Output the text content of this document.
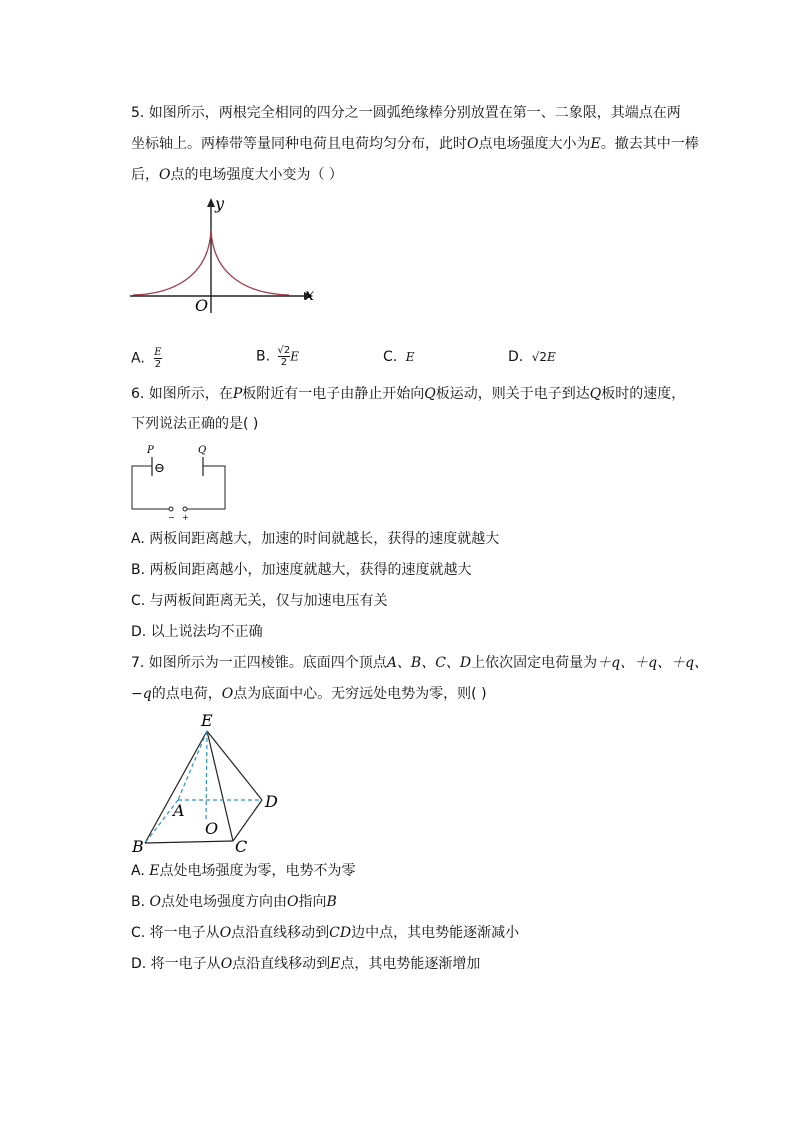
5. 如图所示，两根完全相同的四分之一圆弧绝缘棒分别放置在第一、二象限，其端点在两
坐标轴上。两棒带等量同种电荷且电荷均匀分布，此时O点电场强度大小为E。撤去其中一棒
后，O点的电场强度大小变为（ ）
y
x
O
A. $\frac{E}{2}$	B. $\frac{√2}{2}$ E	C. E	D. √2E
6. 如图所示，在P板附近有一电子由静止开始向Q板运动，则关于电子到达Q板时的速度，
下列说法正确的是( )
P	Q
⊖
− +
A. 两板间距离越大，加速的时间就越长，获得的速度就越大
B. 两板间距离越小，加速度就越大，获得的速度就越大
C. 与两板间距离无关，仅与加速电压有关
D. 以上说法均不正确
7. 如图所示为一正四棱锥。底面四个顶点A、B、C、D上依次固定电荷量为＋q、＋q、＋q、
−q的点电荷，O点为底面中心。无穷远处电势为零，则( )
E
A
B	C
D
O
A. E点处电场强度为零，电势不为零
B. O点处电场强度方向由O指向B
C. 将一电子从O点沿直线移动到CD边中点，其电势能逐渐减小
D. 将一电子从O点沿直线移动到E点，其电势能逐渐增加
